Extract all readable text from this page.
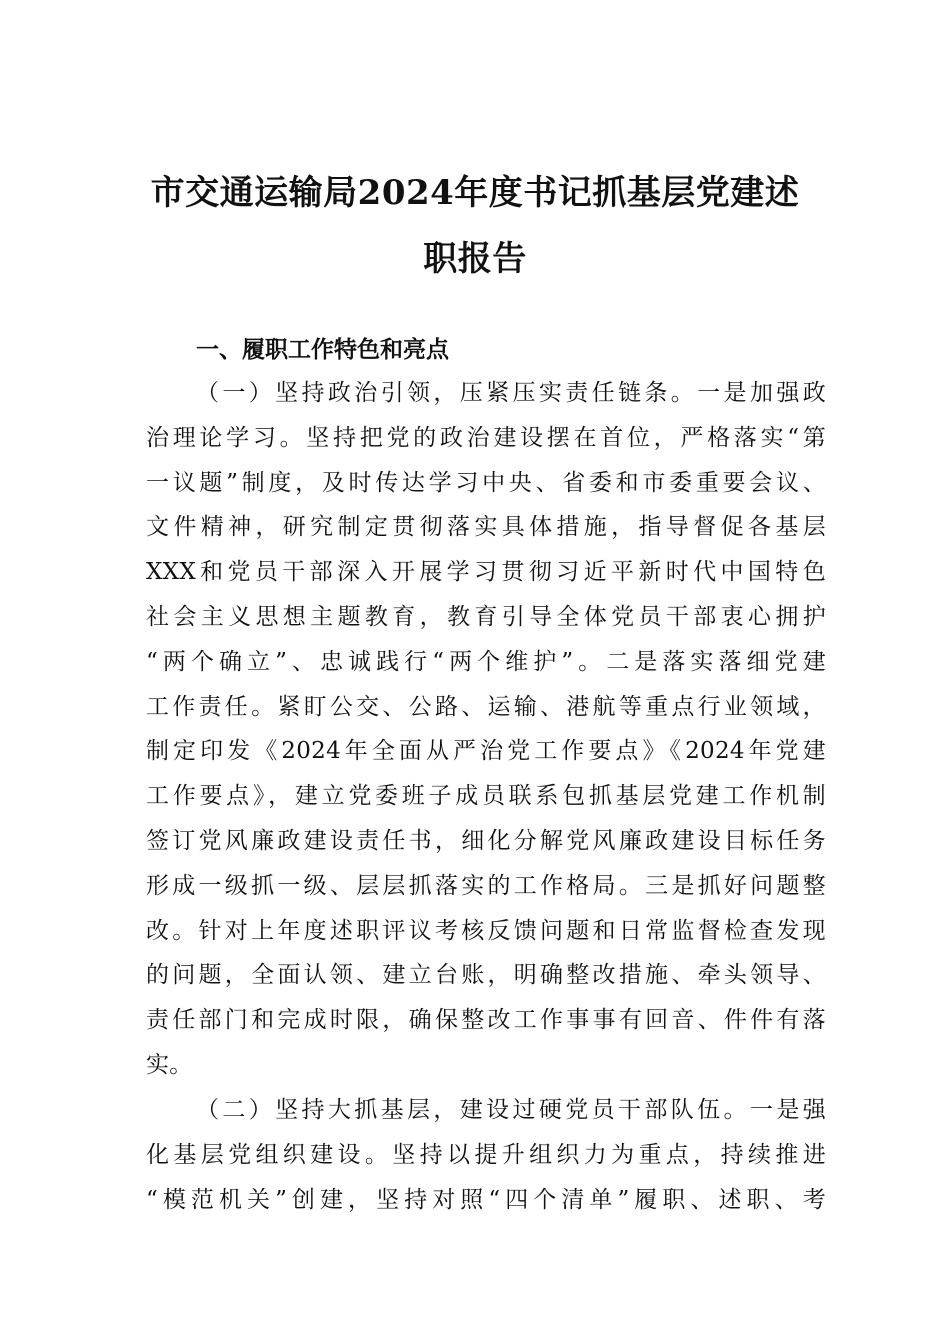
市交通运输局2024年度书记抓基层党建述
职报告
一、履职工作特色和亮点
（一）坚持政治引领，压紧压实责任链条。一是加强政
治理论学习。坚持把党的政治建设摆在首位，严格落实“第
一议题”制度，及时传达学习中央、省委和市委重要会议、
文件精神，研究制定贯彻落实具体措施，指导督促各基层
XXX和党员干部深入开展学习贯彻习近平新时代中国特色
社会主义思想主题教育，教育引导全体党员干部衷心拥护
“两个确立”、忠诚践行“两个维护”。二是落实落细党建
工作责任。紧盯公交、公路、运输、港航等重点行业领域，
制定印发《2024年全面从严治党工作要点》《2024年党建
工作要点》，建立党委班子成员联系包抓基层党建工作机制
签订党风廉政建设责任书，细化分解党风廉政建设目标任务
形成一级抓一级、层层抓落实的工作格局。三是抓好问题整
改。针对上年度述职评议考核反馈问题和日常监督检查发现
的问题，全面认领、建立台账，明确整改措施、牵头领导、
责任部门和完成时限，确保整改工作事事有回音、件件有落
实。
（二）坚持大抓基层，建设过硬党员干部队伍。一是强
化基层党组织建设。坚持以提升组织力为重点，持续推进
“模范机关”创建，坚持对照“四个清单”履职、述职、考
